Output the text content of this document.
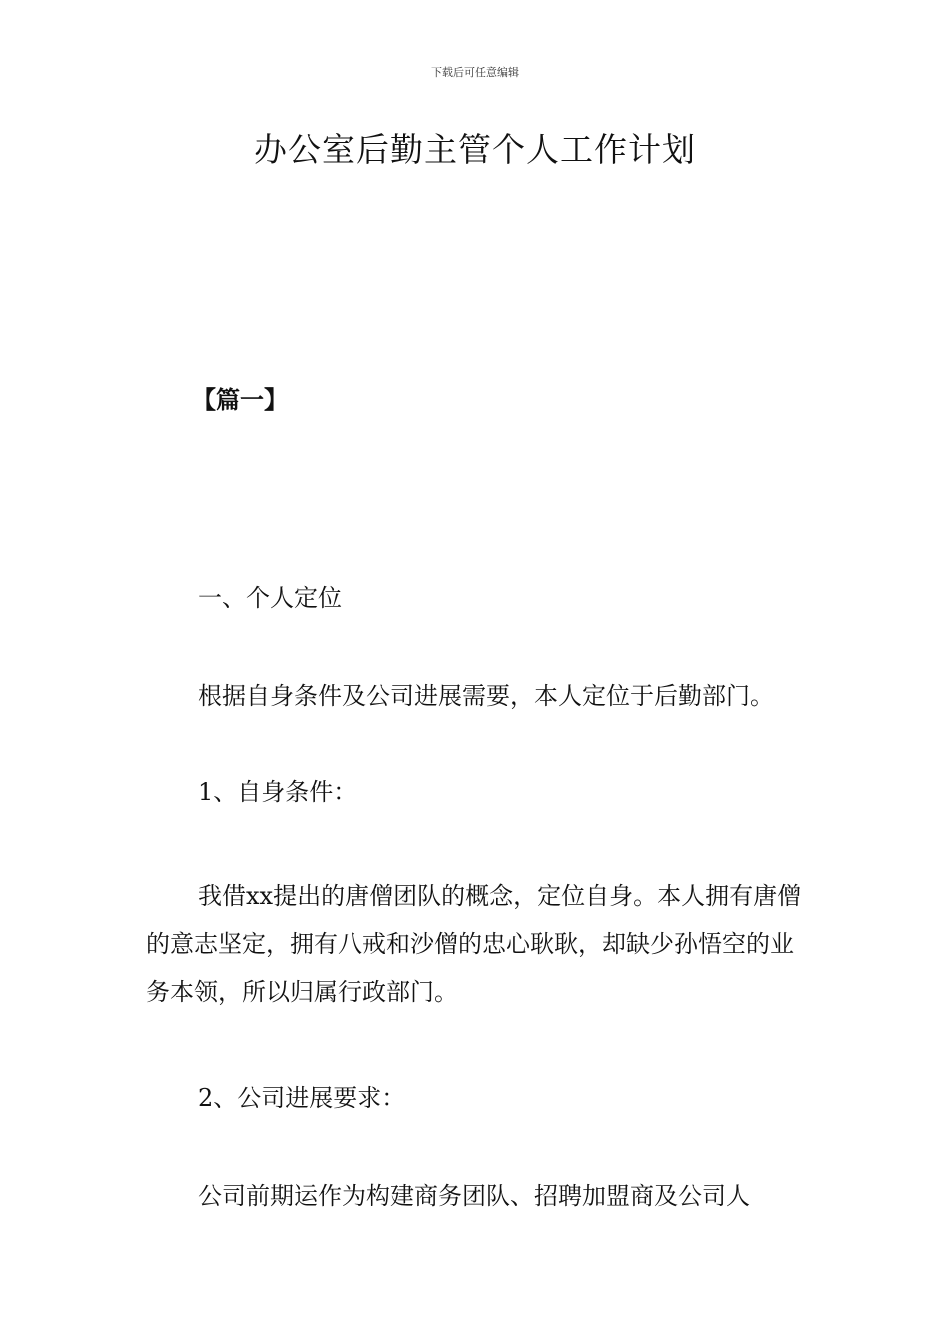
下载后可任意编辑
办公室后勤主管个人工作计划
【篇一】

一、个人定位

根据自身条件及公司进展需要，本人定位于后勤部门。

1、自身条件：

我借xx提出的唐僧团队的概念，定位自身。本人拥有唐僧的意志坚定，拥有八戒和沙僧的忠心耿耿，却缺少孙悟空的业务本领，所以归属行政部门。

2、公司进展要求：

公司前期运作为构建商务团队、招聘加盟商及公司人
